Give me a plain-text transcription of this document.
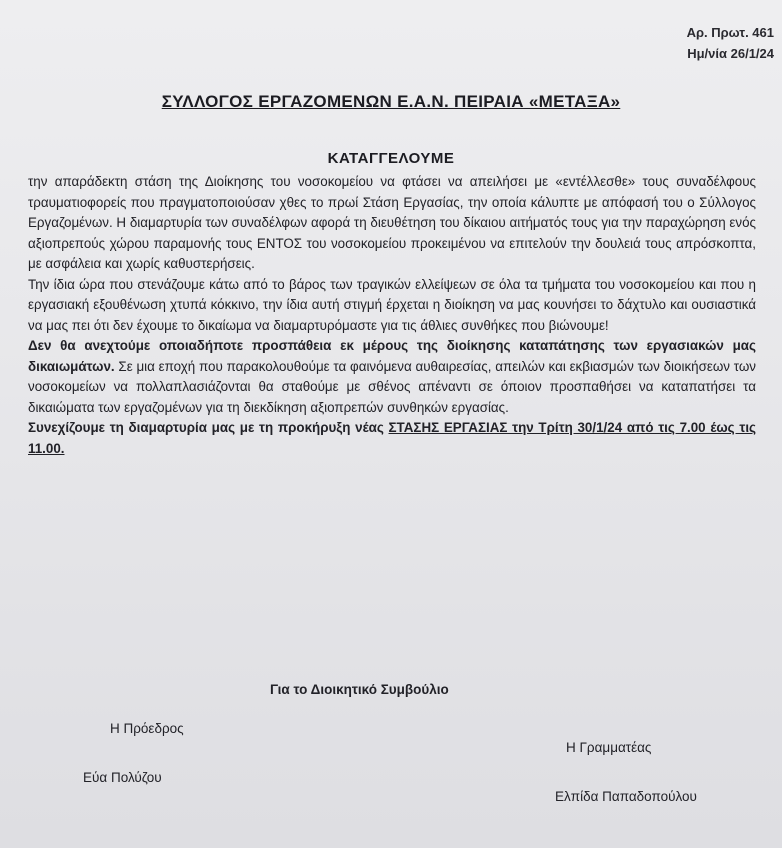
Αρ. Πρωτ. 461
Ημ/νία 26/1/24
ΣΥΛΛΟΓΟΣ ΕΡΓΑΖΟΜΕΝΩΝ Ε.Α.Ν. ΠΕΙΡΑΙΑ «ΜΕΤΑΞΑ»
ΚΑΤΑΓΓΕΛΟΥΜΕ

την απαράδεκτη στάση της Διοίκησης του νοσοκομείου να φτάσει να απειλήσει με «εντέλλεσθε» τους συναδέλφους τραυματιοφορείς που πραγματοποιούσαν χθες το πρωί Στάση Εργασίας, την οποία κάλυπτε με απόφασή του ο Σύλλογος Εργαζομένων. Η διαμαρτυρία των συναδέλφων αφορά τη διευθέτηση του δίκαιου αιτήματός τους για την παραχώρηση ενός αξιοπρεπούς χώρου παραμονής τους ΕΝΤΟΣ του νοσοκομείου προκειμένου να επιτελούν την δουλειά τους απρόσκοπτα, με ασφάλεια και χωρίς καθυστερήσεις.

Την ίδια ώρα που στενάζουμε κάτω από το βάρος των τραγικών ελλείψεων σε όλα τα τμήματα του νοσοκομείου και που η εργασιακή εξουθένωση χτυπά κόκκινο, την ίδια αυτή στιγμή έρχεται η διοίκηση να μας κουνήσει το δάχτυλο και ουσιαστικά να μας πει ότι δεν έχουμε το δικαίωμα να διαμαρτυρόμαστε για τις άθλιες συνθήκες που βιώνουμε!

Δεν θα ανεχτούμε οποιαδήποτε προσπάθεια εκ μέρους της διοίκησης καταπάτησης των εργασιακών μας δικαιωμάτων. Σε μια εποχή που παρακολουθούμε τα φαινόμενα αυθαιρεσίας, απειλών και εκβιασμών των διοικήσεων των νοσοκομείων να πολλαπλασιάζονται θα σταθούμε με σθένος απέναντι σε όποιον προσπαθήσει να καταπατήσει τα δικαιώματα των εργαζομένων για τη διεκδίκηση αξιοπρεπών συνθηκών εργασίας.

Συνεχίζουμε τη διαμαρτυρία μας με τη προκήρυξη νέας ΣΤΑΣΗΣ ΕΡΓΑΣΙΑΣ την Τρίτη 30/1/24 από τις 7.00 έως τις 11.00.

Για το Διοικητικό Συμβούλιο
Η Πρόεδρος
Εύα Πολύζου
Η Γραμματέας
Ελπίδα Παπαδοπούλου
